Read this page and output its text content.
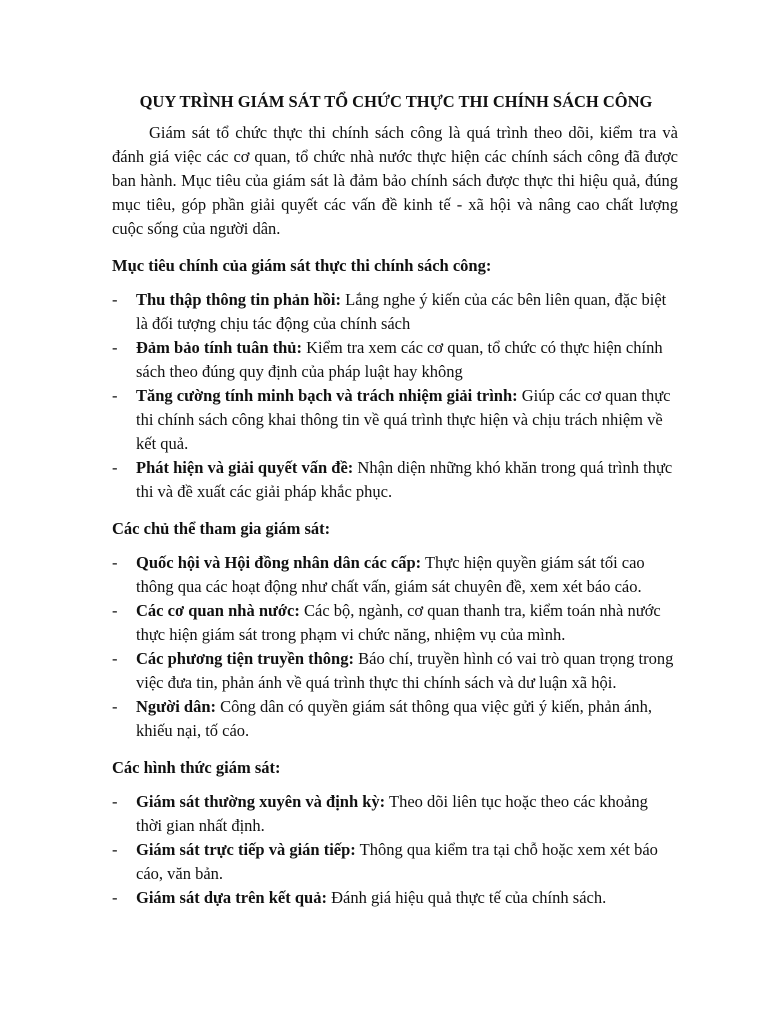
QUY TRÌNH GIÁM SÁT TỔ CHỨC THỰC THI CHÍNH SÁCH CÔNG

Giám sát tổ chức thực thi chính sách công là quá trình theo dõi, kiểm tra và đánh giá việc các cơ quan, tổ chức nhà nước thực hiện các chính sách công đã được ban hành. Mục tiêu của giám sát là đảm bảo chính sách được thực thi hiệu quả, đúng mục tiêu, góp phần giải quyết các vấn đề kinh tế - xã hội và nâng cao chất lượng cuộc sống của người dân.

Mục tiêu chính của giám sát thực thi chính sách công:

- Thu thập thông tin phản hồi: Lắng nghe ý kiến của các bên liên quan, đặc biệt là đối tượng chịu tác động của chính sách
- Đảm bảo tính tuân thủ: Kiểm tra xem các cơ quan, tổ chức có thực hiện chính sách theo đúng quy định của pháp luật hay không
- Tăng cường tính minh bạch và trách nhiệm giải trình: Giúp các cơ quan thực thi chính sách công khai thông tin về quá trình thực hiện và chịu trách nhiệm về kết quả.
- Phát hiện và giải quyết vấn đề: Nhận diện những khó khăn trong quá trình thực thi và đề xuất các giải pháp khắc phục.

Các chủ thể tham gia giám sát:

- Quốc hội và Hội đồng nhân dân các cấp: Thực hiện quyền giám sát tối cao thông qua các hoạt động như chất vấn, giám sát chuyên đề, xem xét báo cáo.
- Các cơ quan nhà nước: Các bộ, ngành, cơ quan thanh tra, kiểm toán nhà nước thực hiện giám sát trong phạm vi chức năng, nhiệm vụ của mình.
- Các phương tiện truyền thông: Báo chí, truyền hình có vai trò quan trọng trong việc đưa tin, phản ánh về quá trình thực thi chính sách và dư luận xã hội.
- Người dân: Công dân có quyền giám sát thông qua việc gửi ý kiến, phản ánh, khiếu nại, tố cáo.

Các hình thức giám sát:

- Giám sát thường xuyên và định kỳ: Theo dõi liên tục hoặc theo các khoảng thời gian nhất định.
- Giám sát trực tiếp và gián tiếp: Thông qua kiểm tra tại chỗ hoặc xem xét báo cáo, văn bản.
- Giám sát dựa trên kết quả: Đánh giá hiệu quả thực tế của chính sách.
